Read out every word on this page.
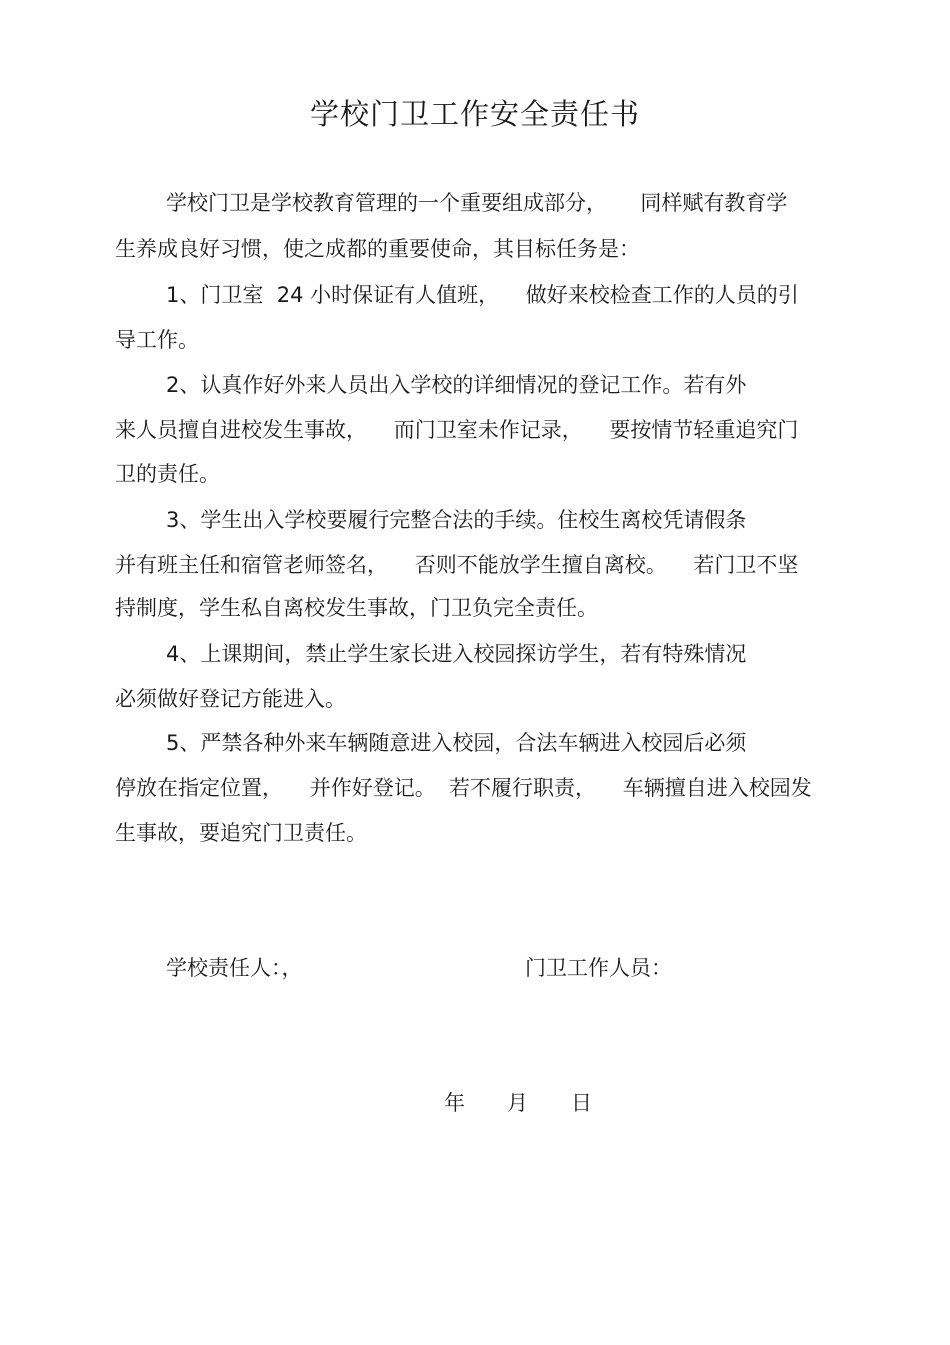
学校门卫工作安全责任书
学校门卫是学校教育管理的一个重要组成部分，     同样赋有教育学
生养成良好习惯，使之成都的重要使命，其目标任务是：
1、门卫室  24 小时保证有人值班，    做好来校检查工作的人员的引
导工作。
2、认真作好外来人员出入学校的详细情况的登记工作。若有外
来人员擅自进校发生事故，    而门卫室未作记录，    要按情节轻重追究门
卫的责任。
3、学生出入学校要履行完整合法的手续。住校生离校凭请假条
并有班主任和宿管老师签名，    否则不能放学生擅自离校。    若门卫不坚
持制度，学生私自离校发生事故，门卫负完全责任。
4、上课期间，禁止学生家长进入校园探访学生，若有特殊情况
必须做好登记方能进入。
5、严禁各种外来车辆随意进入校园，合法车辆进入校园后必须
停放在指定位置，    并作好登记。  若不履行职责，    车辆擅自进入校园发
生事故，要追究门卫责任。
学校责任人：，	门卫工作人员：
年 月 日
